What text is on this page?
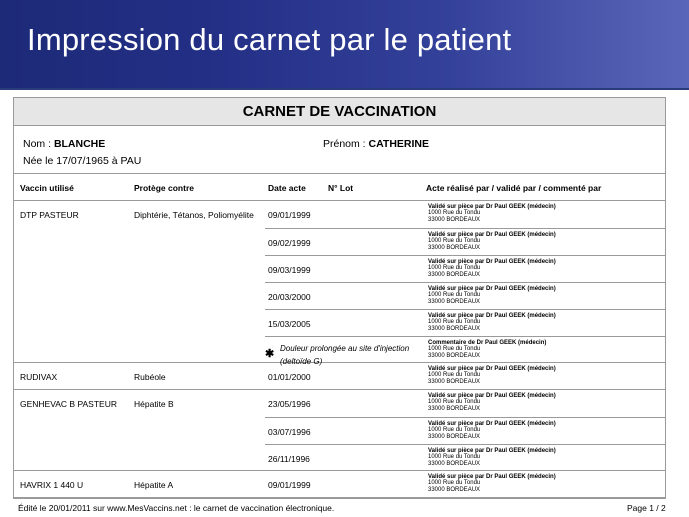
Impression du carnet par le patient
CARNET DE VACCINATION
Nom : BLANCHE	Prénom : CATHERINE
Née le 17/07/1965 à PAU
Vaccin utilisé	Protège contre	Date acte	N° Lot	Acte réalisé par / validé par / commenté par
DTP PASTEUR	Diphtérie, Tétanos, Poliomyélite 09/01/1999
Validé sur pièce par Dr Paul GEEK (médecin)
1000 Rue du Tondu
33000 BORDEAUX
09/02/1999
Validé sur pièce par Dr Paul GEEK (médecin)
1000 Rue du Tondu
33000 BORDEAUX
09/03/1999
Validé sur pièce par Dr Paul GEEK (médecin)
1000 Rue du Tondu
33000 BORDEAUX
20/03/2000
Validé sur pièce par Dr Paul GEEK (médecin)
1000 Rue du Tondu
33000 BORDEAUX
15/03/2005
Validé sur pièce par Dr Paul GEEK (médecin)
1000 Rue du Tondu
33000 BORDEAUX
✱ Douleur prolongée au site d'injection
(deltoïde G)
Commentaire de Dr Paul GEEK (médecin)
1000 Rue du Tondu
33000 BORDEAUX
RUDIVAX	Rubéole	01/01/2000
Validé sur pièce par Dr Paul GEEK (médecin)
1000 Rue du Tondu
33000 BORDEAUX
GENHEVAC B PASTEUR Hépatite B	23/05/1996
Validé sur pièce par Dr Paul GEEK (médecin)
1000 Rue du Tondu
33000 BORDEAUX
03/07/1996
Validé sur pièce par Dr Paul GEEK (médecin)
1000 Rue du Tondu
33000 BORDEAUX
26/11/1996
Validé sur pièce par Dr Paul GEEK (médecin)
1000 Rue du Tondu
33000 BORDEAUX
HAVRIX 1 440 U	Hépatite A	09/01/1999
Validé sur pièce par Dr Paul GEEK (médecin)
1000 Rue du Tondu
33000 BORDEAUX
Édité le 20/01/2011 sur www.MesVaccins.net : le carnet de vaccination électronique.	Page 1 / 2
